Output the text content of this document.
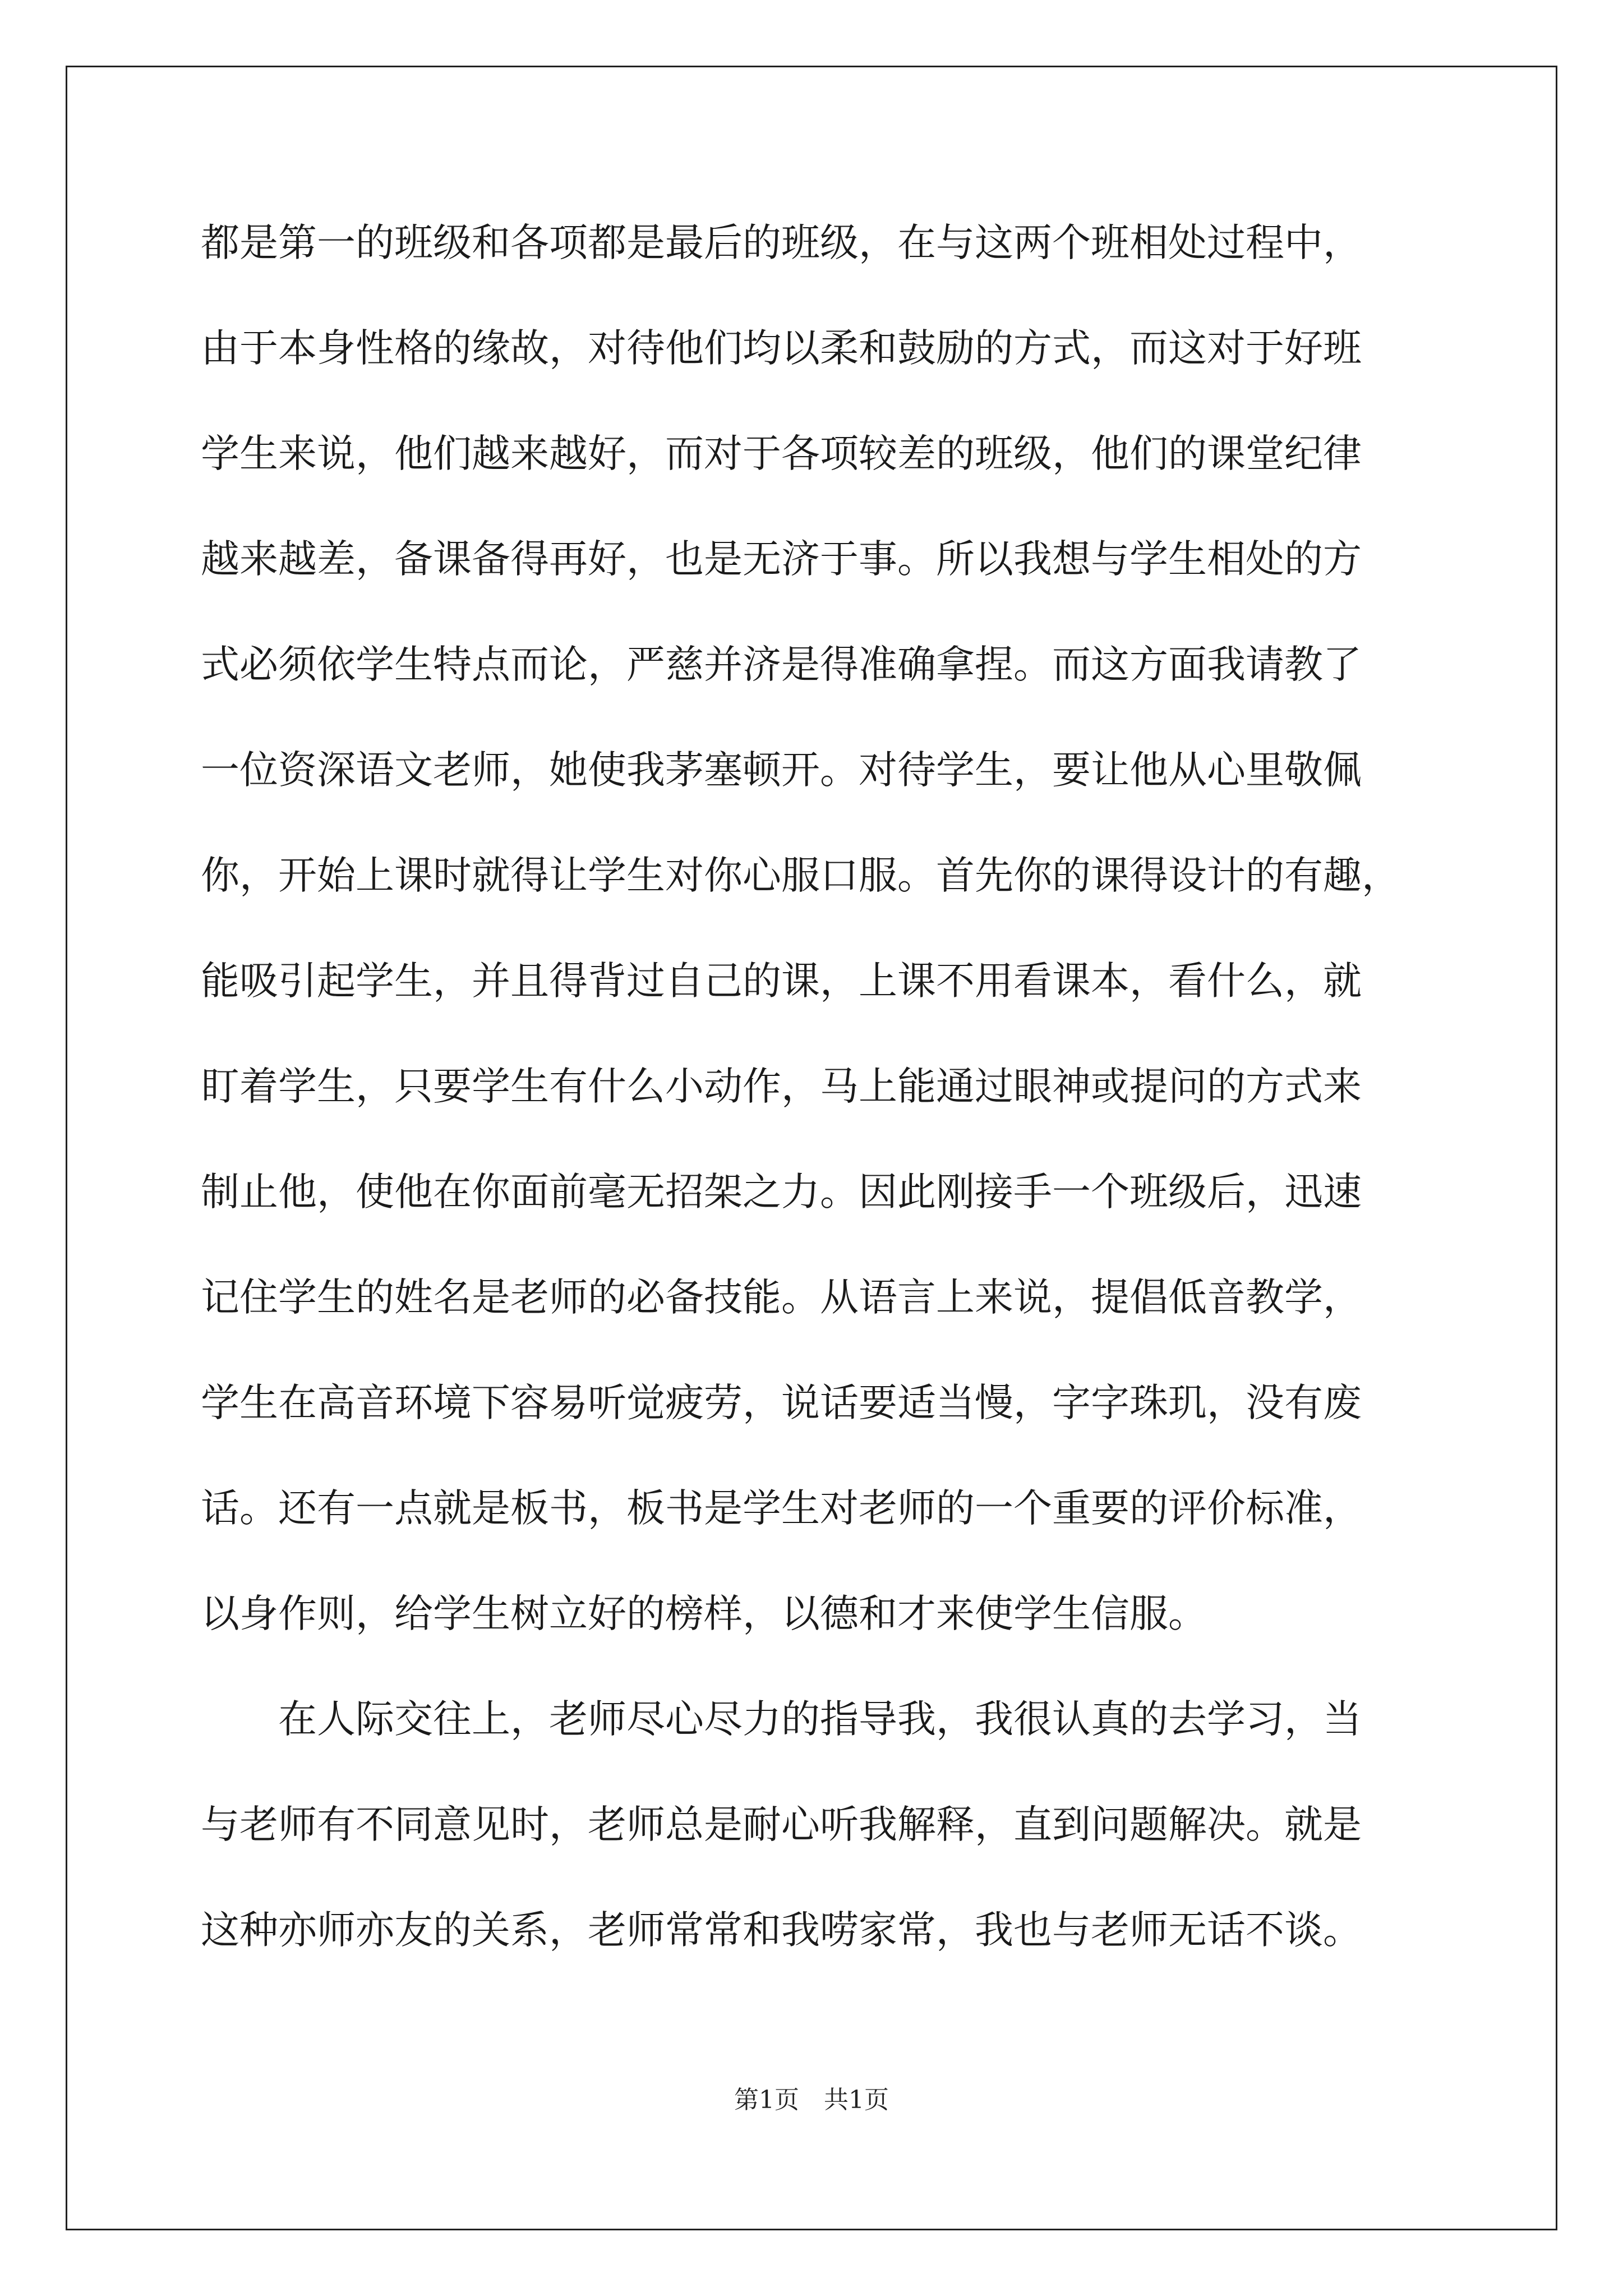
都是第一的班级和各项都是最后的班级，在与这两个班相处过程中，
由于本身性格的缘故，对待他们均以柔和鼓励的方式，而这对于好班
学生来说，他们越来越好，而对于各项较差的班级，他们的课堂纪律
越来越差，备课备得再好，也是无济于事。所以我想与学生相处的方
式必须依学生特点而论，严慈并济是得准确拿捏。而这方面我请教了
一位资深语文老师，她使我茅塞顿开。对待学生，要让他从心里敬佩
你，开始上课时就得让学生对你心服口服。首先你的课得设计的有趣，
能吸引起学生，并且得背过自己的课，上课不用看课本，看什么，就
盯着学生，只要学生有什么小动作，马上能通过眼神或提问的方式来
制止他，使他在你面前毫无招架之力。因此刚接手一个班级后，迅速
记住学生的姓名是老师的必备技能。从语言上来说，提倡低音教学，
学生在高音环境下容易听觉疲劳，说话要适当慢，字字珠玑，没有废
话。还有一点就是板书，板书是学生对老师的一个重要的评价标准，
以身作则，给学生树立好的榜样，以德和才来使学生信服。
　　在人际交往上，老师尽心尽力的指导我，我很认真的去学习，当
与老师有不同意见时，老师总是耐心听我解释，直到问题解决。就是
这种亦师亦友的关系，老师常常和我唠家常，我也与老师无话不谈。
第1页　共1页
